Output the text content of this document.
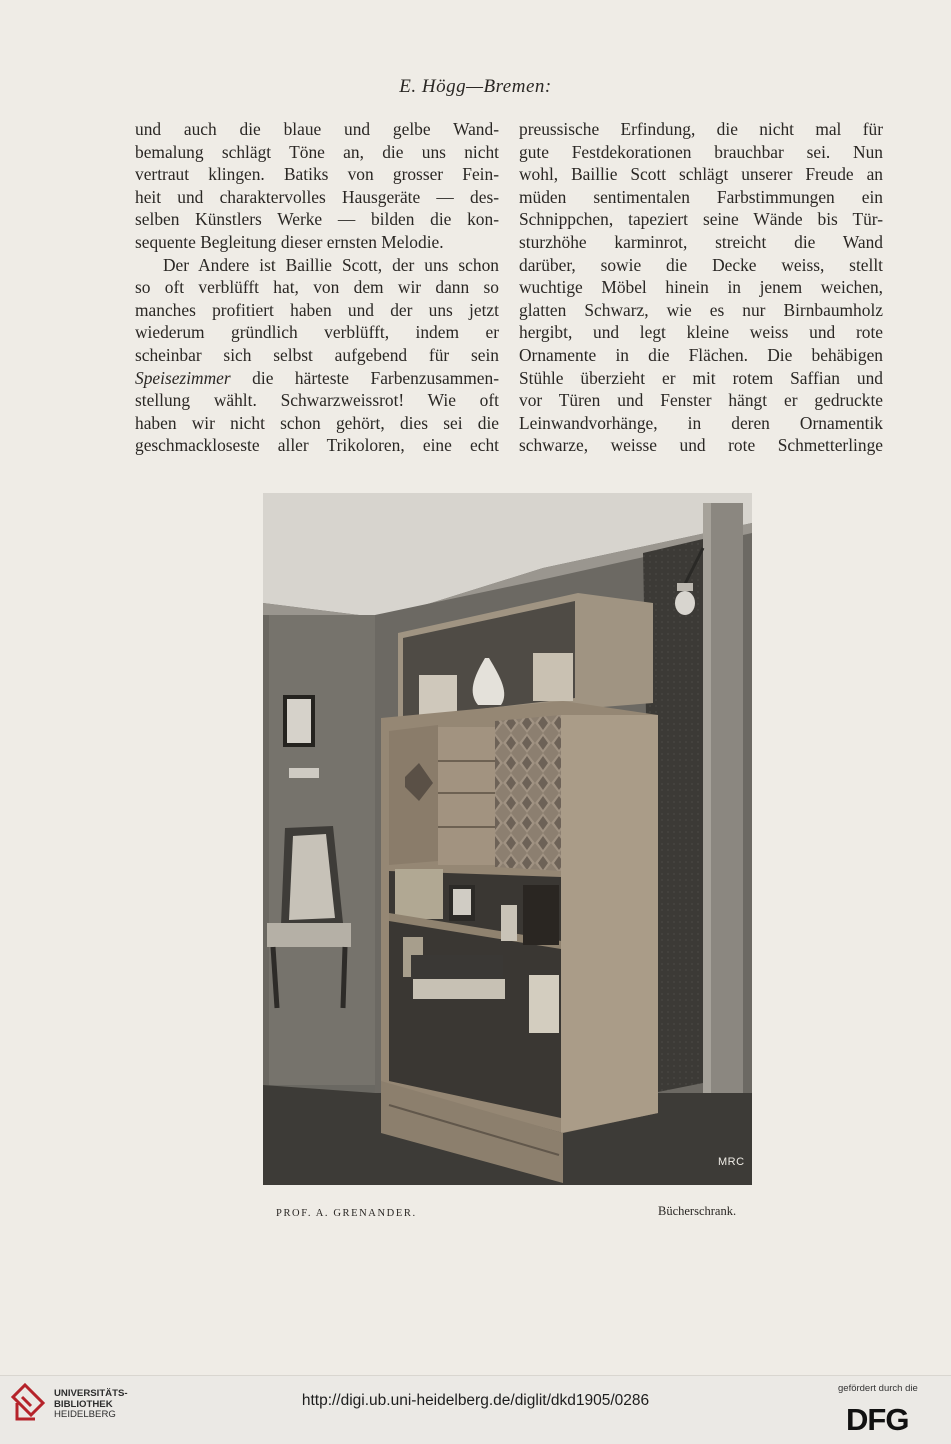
E. Högg—Bremen:
und auch die blaue und gelbe Wand-
bemalung schlägt Töne an, die uns nicht
vertraut klingen. Batiks von grosser Fein-
heit und charaktervolles Hausgeräte — des-
selben Künstlers Werke — bilden die kon-
sequente Begleitung dieser ernsten Melodie.
Der Andere ist Baillie Scott, der uns schon
so oft verblüfft hat, von dem wir dann so
manches profitiert haben und der uns jetzt
wiederum gründlich verblüfft, indem er
scheinbar sich selbst aufgebend für sein
Speisezimmer die härteste Farbenzusammen-
stellung wählt. Schwarzweissrot! Wie oft
haben wir nicht schon gehört, dies sei die
geschmackloseste aller Trikoloren, eine echt
preussische Erfindung, die nicht mal für
gute Festdekorationen brauchbar sei. Nun
wohl, Baillie Scott schlägt unserer Freude an
müden sentimentalen Farbstimmungen ein
Schnippchen, tapeziert seine Wände bis Tür-
sturzhöhe karminrot, streicht die Wand
darüber, sowie die Decke weiss, stellt
wuchtige Möbel hinein in jenem weichen,
glatten Schwarz, wie es nur Birnbaumholz
hergibt, und legt kleine weiss und rote
Ornamente in die Flächen. Die behäbigen
Stühle überzieht er mit rotem Saffian und
vor Türen und Fenster hängt er gedruckte
Leinwandvorhänge, in deren Ornamentik
schwarze, weisse und rote Schmetterlinge
MRC
PROF. A. GRENANDER.	Bücherschrank.
UNIVERSITÄTS-
BIBLIOTHEK
HEIDELBERG
http://digi.ub.uni-heidelberg.de/diglit/dkd1905/0286
gefördert durch die
DFG
